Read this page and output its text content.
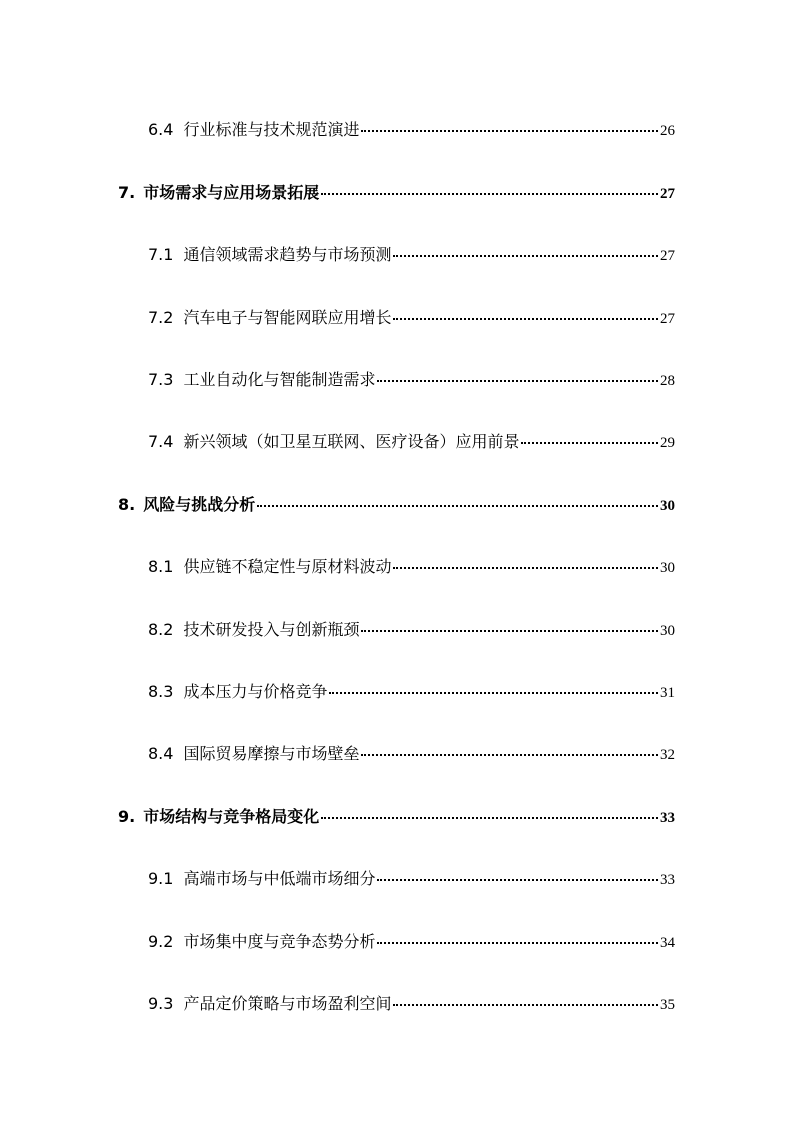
6.4 行业标准与技术规范演进	26
7. 市场需求与应用场景拓展	27
7.1 通信领域需求趋势与市场预测	27
7.2 汽车电子与智能网联应用增长	27
7.3 工业自动化与智能制造需求	28
7.4 新兴领域（如卫星互联网、医疗设备）应用前景	29
8. 风险与挑战分析	30
8.1 供应链不稳定性与原材料波动	30
8.2 技术研发投入与创新瓶颈	30
8.3 成本压力与价格竞争	31
8.4 国际贸易摩擦与市场壁垒	32
9. 市场结构与竞争格局变化	33
9.1 高端市场与中低端市场细分	33
9.2 市场集中度与竞争态势分析	34
9.3 产品定价策略与市场盈利空间	35
